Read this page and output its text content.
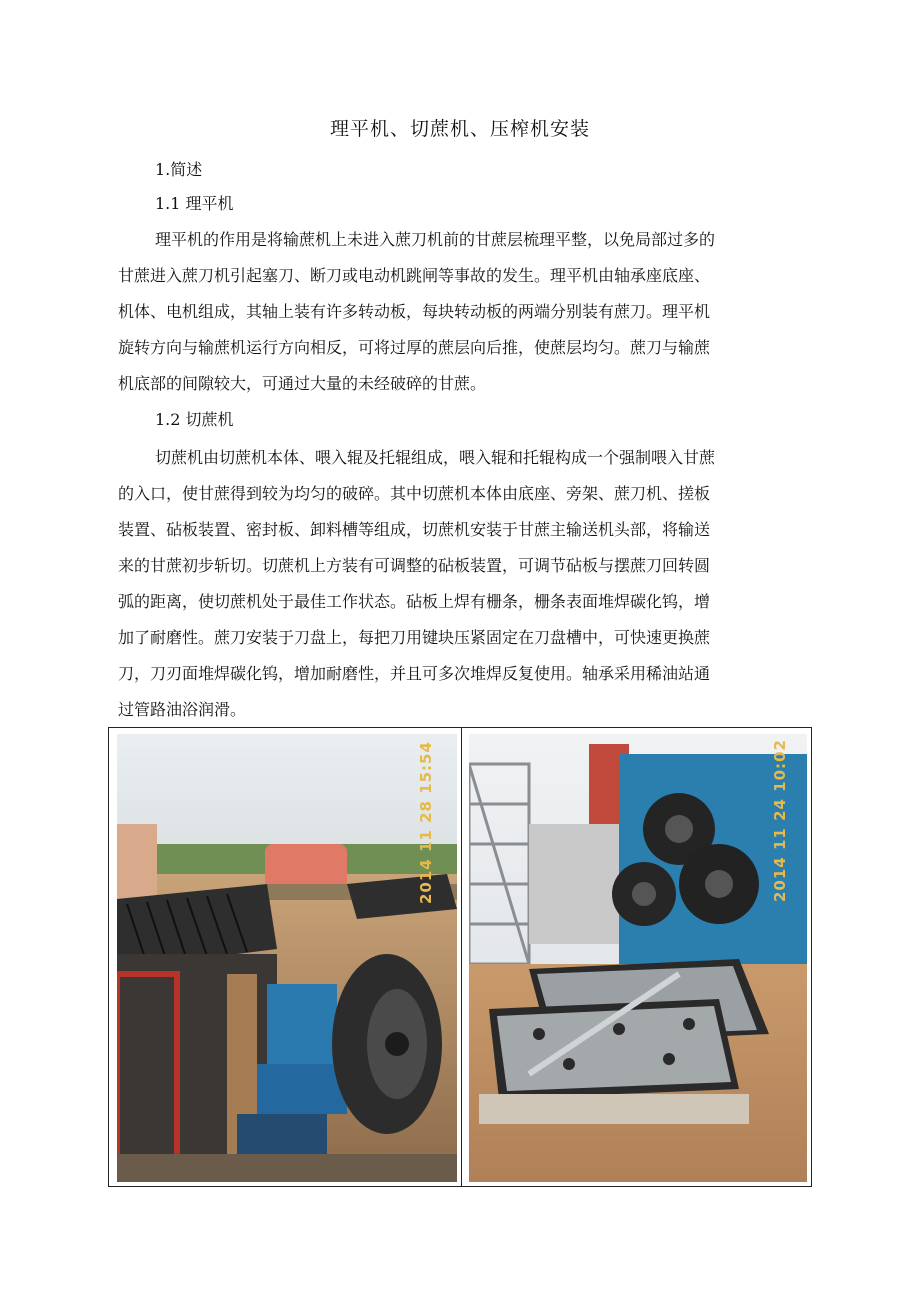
理平机、切蔗机、压榨机安装
1.简述
1.1 理平机
理平机的作用是将输蔗机上未进入蔗刀机前的甘蔗层梳理平整，以免局部过多的
甘蔗进入蔗刀机引起塞刀、断刀或电动机跳闸等事故的发生。理平机由轴承座底座、
机体、电机组成，其轴上装有许多转动板，每块转动板的两端分别装有蔗刀。理平机
旋转方向与输蔗机运行方向相反，可将过厚的蔗层向后推，使蔗层均匀。蔗刀与输蔗
机底部的间隙较大，可通过大量的未经破碎的甘蔗。
1.2 切蔗机
切蔗机由切蔗机本体、喂入辊及托辊组成，喂入辊和托辊构成一个强制喂入甘蔗
的入口，使甘蔗得到较为均匀的破碎。其中切蔗机本体由底座、旁架、蔗刀机、搓板
装置、砧板装置、密封板、卸料槽等组成，切蔗机安装于甘蔗主输送机头部，将输送
来的甘蔗初步斩切。切蔗机上方装有可调整的砧板装置，可调节砧板与摆蔗刀回转圆
弧的距离，使切蔗机处于最佳工作状态。砧板上焊有栅条，栅条表面堆焊碳化钨，增
加了耐磨性。蔗刀安装于刀盘上，每把刀用键块压紧固定在刀盘槽中，可快速更换蔗
刀，刀刃面堆焊碳化钨，增加耐磨性，并且可多次堆焊反复使用。轴承采用稀油站通
过管路油浴润滑。
2014 11 28 15:54	2014 11 24 10:02
